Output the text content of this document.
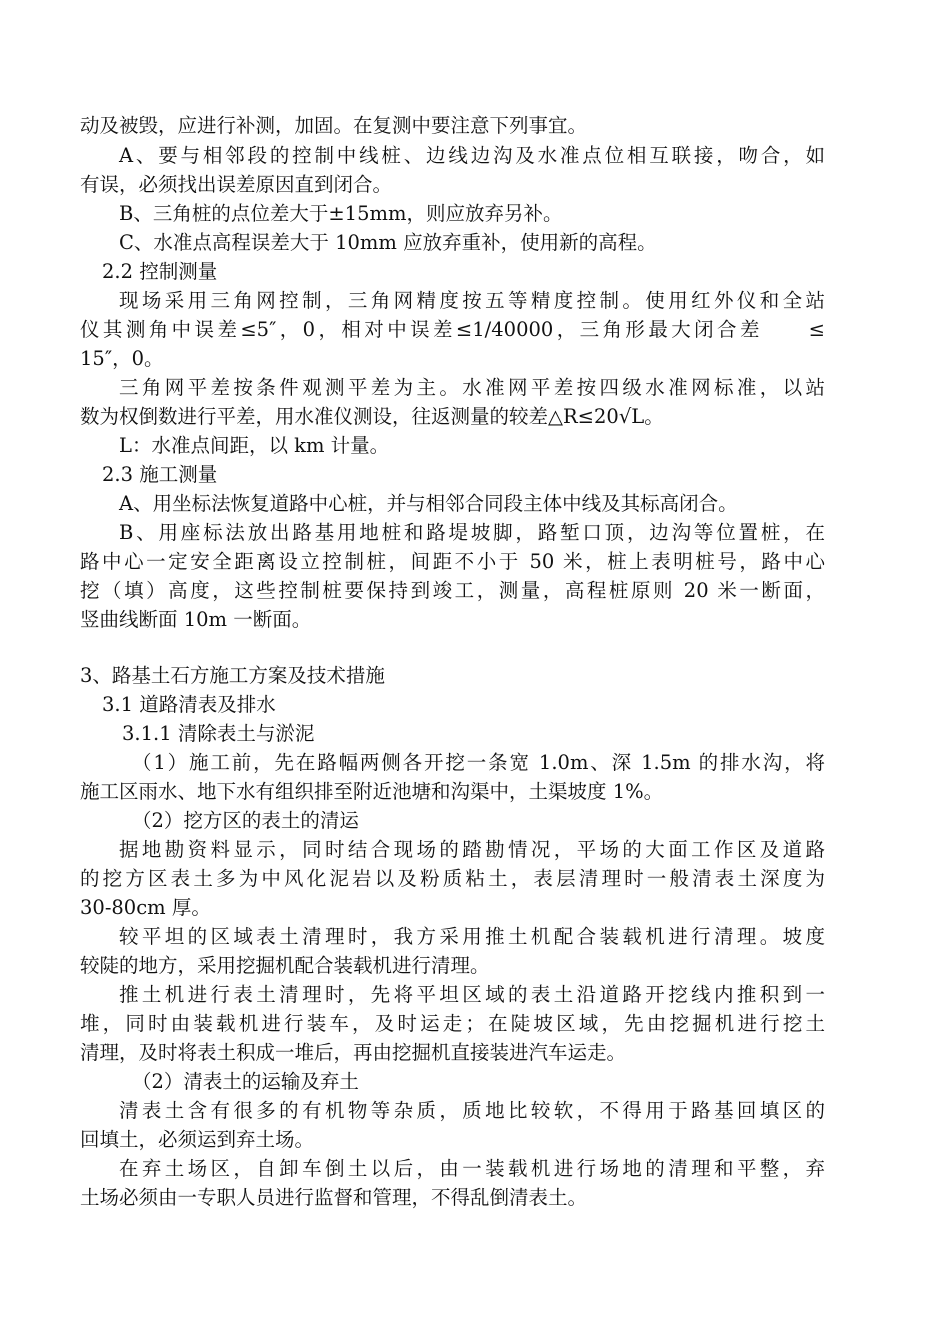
动及被毁，应进行补测，加固。在复测中要注意下列事宜。
A、要与相邻段的控制中线桩、边线边沟及水准点位相互联接，吻合，如
有误，必须找出误差原因直到闭合。
B、三角桩的点位差大于±15mm，则应放弃另补。
C、水准点高程误差大于 10mm 应放弃重补，使用新的高程。
2.2 控制测量
现场采用三角网控制，三角网精度按五等精度控制。使用红外仪和全站
仪其测角中误差≤5″，0，相对中误差≤1/40000，三角形最大闭合差　　≤
15″，0。
三角网平差按条件观测平差为主。水准网平差按四级水准网标准，以站
数为权倒数进行平差，用水准仪测设，往返测量的较差△R≤20√L。
L：水准点间距，以 km 计量。
2.3 施工测量
A、用坐标法恢复道路中心桩，并与相邻合同段主体中线及其标高闭合。
B、用座标法放出路基用地桩和路堤坡脚，路堑口顶，边沟等位置桩，在
路中心一定安全距离设立控制桩，间距不小于 50 米，桩上表明桩号，路中心
挖（填）高度，这些控制桩要保持到竣工，测量，高程桩原则 20 米一断面，
竖曲线断面 10m 一断面。
3、路基土石方施工方案及技术措施
3.1 道路清表及排水
3.1.1 清除表土与淤泥
（1）施工前，先在路幅两侧各开挖一条宽 1.0m、深 1.5m 的排水沟，将
施工区雨水、地下水有组织排至附近池塘和沟渠中，土渠坡度 1%。
（2）挖方区的表土的清运
据地勘资料显示，同时结合现场的踏勘情况，平场的大面工作区及道路
的挖方区表土多为中风化泥岩以及粉质粘土，表层清理时一般清表土深度为
30-80cm 厚。
较平坦的区域表土清理时，我方采用推土机配合装载机进行清理。坡度
较陡的地方，采用挖掘机配合装载机进行清理。
推土机进行表土清理时，先将平坦区域的表土沿道路开挖线内推积到一
堆，同时由装载机进行装车，及时运走；在陡坡区域，先由挖掘机进行挖土
清理，及时将表土积成一堆后，再由挖掘机直接装进汽车运走。
（2）清表土的运输及弃土
清表土含有很多的有机物等杂质，质地比较软，不得用于路基回填区的
回填土，必须运到弃土场。
在弃土场区，自卸车倒土以后，由一装载机进行场地的清理和平整，弃
土场必须由一专职人员进行监督和管理，不得乱倒清表土。
